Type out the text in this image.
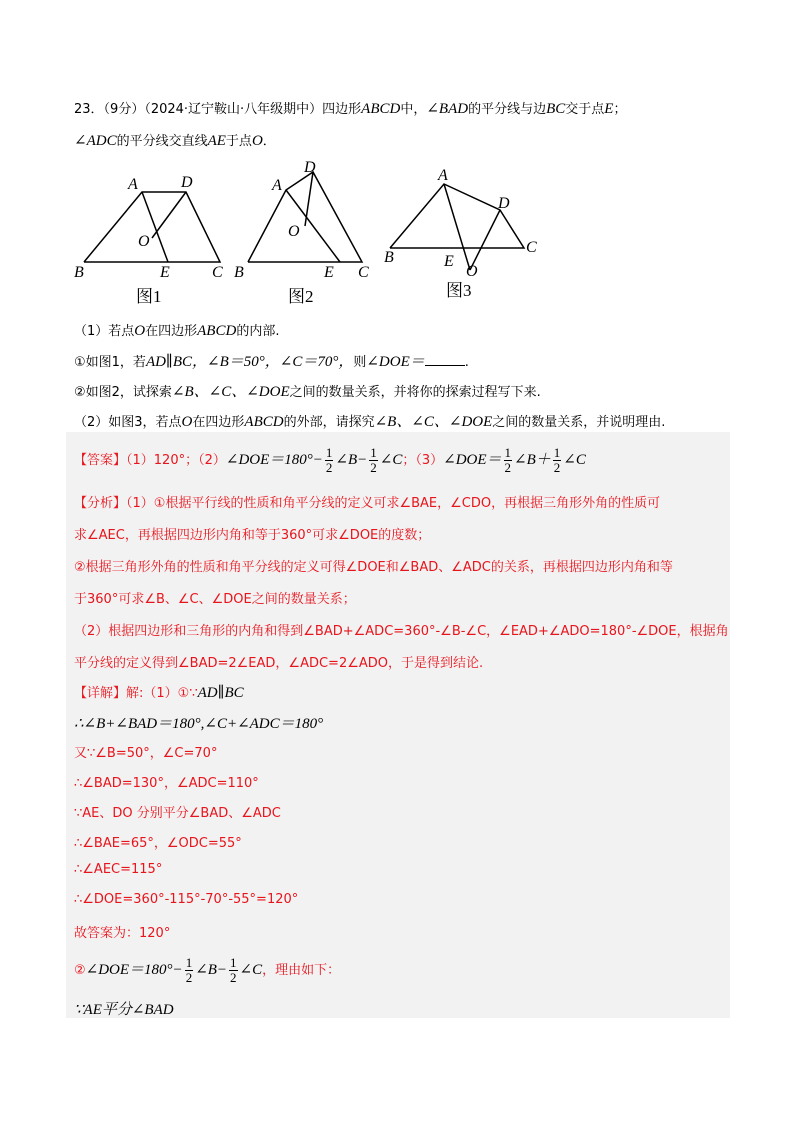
23．（9分）（2024·辽宁鞍山·八年级期中）四边形ABCD中，∠BAD的平分线与边BC交于点E；
∠ADC的平分线交直线AE于点O．
A	D
O
B	E	C
图1
A
D
O
B	E C
图2
A
D
B	E
O
C
图3
（1）若点O在四边形ABCD的内部.
①如图1，若AD∥BC，∠B＝50°，∠C＝70°，则∠DOE＝	.
②如图2，试探索∠B、∠C、∠DOE之间的数量关系，并将你的探索过程写下来.
（2）如图3，若点O在四边形ABCD的外部，请探究∠B、∠C、∠DOE之间的数量关系，并说明理由.
【答案】（1）120°；（2）∠DOE＝180°− $\frac{1}{2}$ ∠B− $\frac{1}{2}$ ∠C；（3）∠DOE＝ $\frac{1}{2}$ ∠B＋ $\frac{1}{2}$ ∠C
【分析】（1）①根据平行线的性质和角平分线的定义可求∠BAE，∠CDO，再根据三角形外角的性质可
求∠AEC，再根据四边形内角和等于360°可求∠DOE的度数；
②根据三角形外角的性质和角平分线的定义可得∠DOE和∠BAD、∠ADC的关系，再根据四边形内角和等
于360°可求∠B、∠C、∠DOE之间的数量关系；
（2）根据四边形和三角形的内角和得到∠BAD+∠ADC=360°-∠B-∠C，∠EAD+∠ADO=180°-∠DOE，根据角
平分线的定义得到∠BAD=2∠EAD，∠ADC=2∠ADO，于是得到结论.
【详解】解:（1）①∵AD∥BC
∴∠B+∠BAD＝180°,∠C+∠ADC＝180°
又∵∠B=50°，∠C=70°
∴∠BAD=130°，∠ADC=110°
∵AE、DO 分别平分∠BAD、∠ADC
∴∠BAE=65°，∠ODC=55°
∴∠AEC=115°
∴∠DOE=360°-115°-70°-55°=120°
故答案为：120°
②∠DOE＝180°− $\frac{1}{2}$ ∠B− $\frac{1}{2}$ ∠C，理由如下：
∵AE平分∠BAD
